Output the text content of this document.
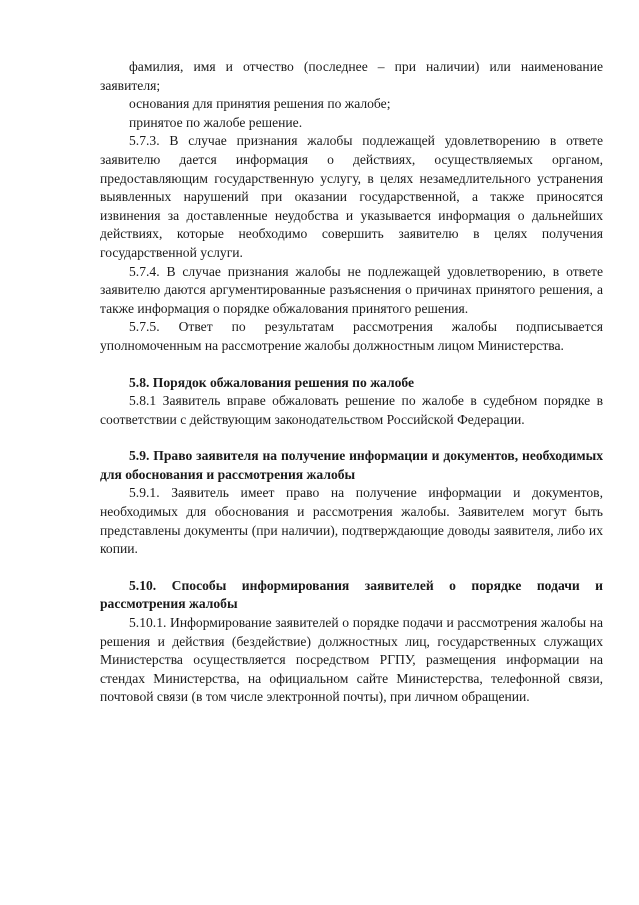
фамилия, имя и отчество (последнее – при наличии) или наименование заявителя;

основания для принятия решения по жалобе;

принятое по жалобе решение.

5.7.3. В случае признания жалобы подлежащей удовлетворению в ответе заявителю дается информация о действиях, осуществляемых органом, предоставляющим государственную услугу, в целях незамедлительного устранения выявленных нарушений при оказании государственной, а также приносятся извинения за доставленные неудобства и указывается информация о дальнейших действиях, которые необходимо совершить заявителю в целях получения государственной услуги.

5.7.4. В случае признания жалобы не подлежащей удовлетворению, в ответе заявителю даются аргументированные разъяснения о причинах принятого решения, а также информация о порядке обжалования принятого решения.

5.7.5. Ответ по результатам рассмотрения жалобы подписывается уполномоченным на рассмотрение жалобы должностным лицом Министерства.

5.8. Порядок обжалования решения по жалобе

5.8.1 Заявитель вправе обжаловать решение по жалобе в судебном порядке в соответствии с действующим законодательством Российской Федерации.

5.9. Право заявителя на получение информации и документов, необходимых для обоснования и рассмотрения жалобы

5.9.1. Заявитель имеет право на получение информации и документов, необходимых для обоснования и рассмотрения жалобы. Заявителем могут быть представлены документы (при наличии), подтверждающие доводы заявителя, либо их копии.

5.10. Способы информирования заявителей о порядке подачи и рассмотрения жалобы

5.10.1. Информирование заявителей о порядке подачи и рассмотрения жалобы на решения и действия (бездействие) должностных лиц, государственных служащих Министерства осуществляется посредством РГПУ, размещения информации на стендах Министерства, на официальном сайте Министерства, телефонной связи, почтовой связи (в том числе электронной почты), при личном обращении.
